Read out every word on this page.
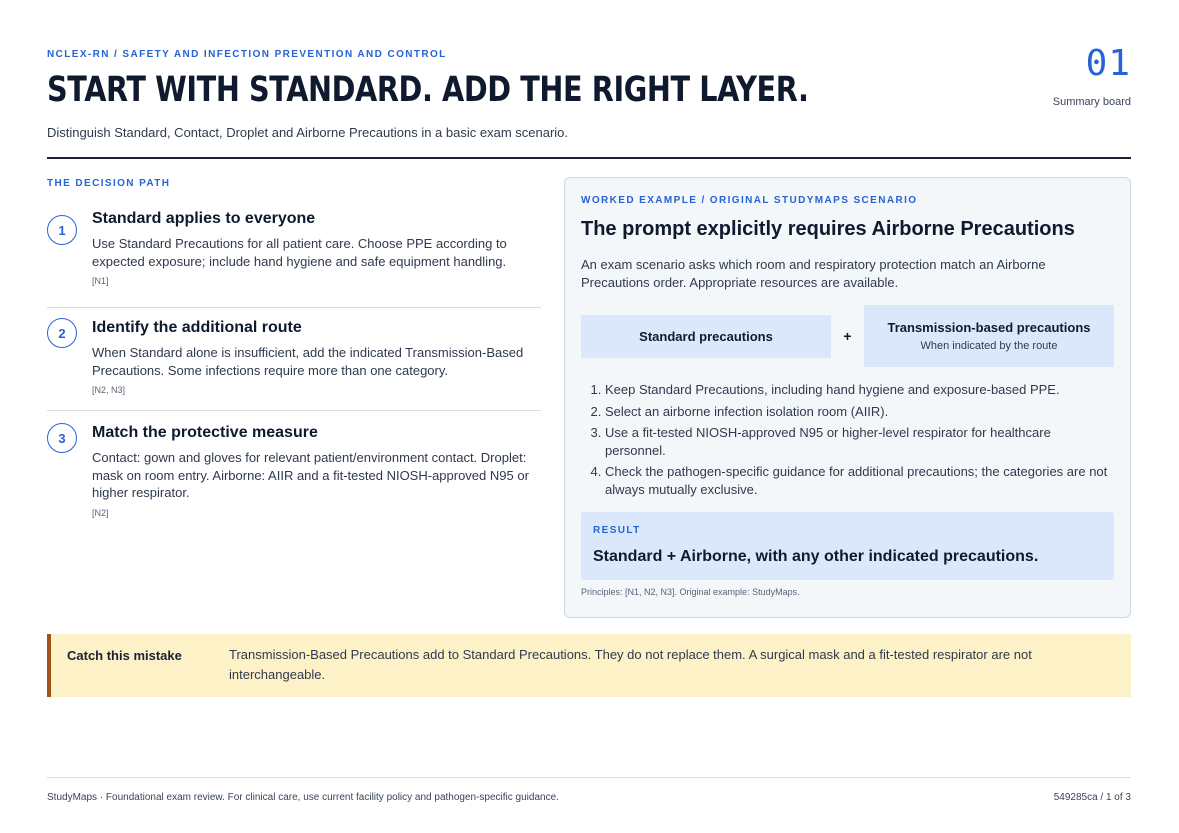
NCLEX-RN / SAFETY AND INFECTION PREVENTION AND CONTROL
START WITH STANDARD. ADD THE RIGHT LAYER.

Distinguish Standard, Contact, Droplet and Airborne Precautions in a basic exam scenario.

01
Summary board
THE DECISION PATH
1
Standard applies to everyone
Use Standard Precautions for all patient care. Choose PPE according to expected exposure; include hand hygiene and safe equipment handling.
[N1]
2	Identify the additional route
When Standard alone is insufficient, add the indicated Transmission-Based Precautions. Some infections require more than one category.
[N2, N3]
3	Match the protective measure
Contact: gown and gloves for relevant patient/environment contact. Droplet: mask on room entry. Airborne: AIIR and a fit-tested NIOSH-approved N95 or higher respirator.
[N2]
WORKED EXAMPLE / ORIGINAL STUDYMAPS SCENARIO
The prompt explicitly requires Airborne Precautions

An exam scenario asks which room and respiratory protection match an Airborne Precautions order. Appropriate resources are available.

Standard precautions	+
Transmission-based precautions
When indicated by the route
1. Keep Standard Precautions, including hand hygiene and exposure-based PPE.
2. Select an airborne infection isolation room (AIIR).
3. Use a fit-tested NIOSH-approved N95 or higher-level respirator for healthcare personnel.
4. Check the pathogen-specific guidance for additional precautions; the categories are not always mutually exclusive.
RESULT
Standard + Airborne, with any other indicated precautions.
Principles: [N1, N2, N3]. Original example: StudyMaps.
Catch this mistake	Transmission-Based Precautions add to Standard Precautions. They do not replace them. A surgical mask and a fit-tested respirator are not interchangeable.
StudyMaps · Foundational exam review. For clinical care, use current facility policy and pathogen-specific guidance.	549285ca / 1 of 3
